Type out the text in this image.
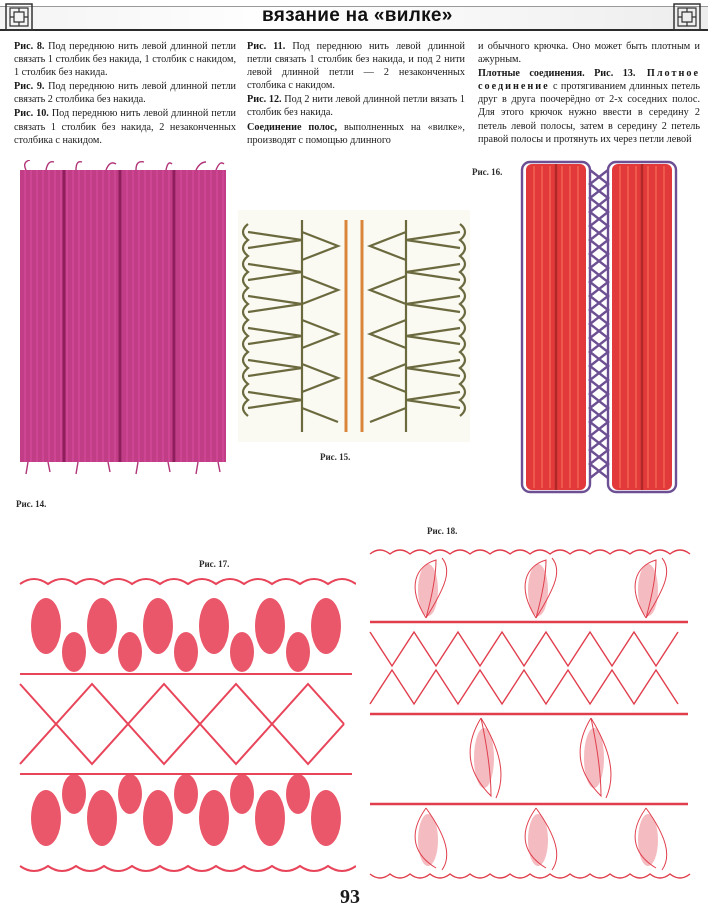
вязание на «вилке»

Рис. 8. Под переднюю нить левой длинной петли связать 1 столбик без накида, 1 столбик с накидом, 1 столбик без накида.

Рис. 9. Под переднюю нить левой длинной петли связать 2 столбика без накида.

Рис. 10. Под переднюю нить левой длинной петли связать 1 столбик без накида, 2 незаконченных столбика с накидом.

Рис. 11. Под переднюю нить левой длинной петли связать 1 столбик без накида, и под 2 нити левой длинной петли — 2 незаконченных столбика с накидом.

Рис. 12. Под 2 нити левой длинной петли вязать 1 столбик без накида.

Соединение полос, выполненных на «вилке», производят с помощью длинного

и обычного крючка. Оно может быть плотным и ажурным.

Плотные соединения. Рис. 13. Плотное соединение с протягиванием длинных петель друг в друга поочерёдно от 2-х соседних полос. Для этого крючок нужно ввести в середину 2 петель левой полосы, затем в середину 2 петель правой полосы и протянуть их через петли левой

Рис. 14.
Рис. 15.
Рис. 16.
Рис. 17.
Рис. 18.
93
